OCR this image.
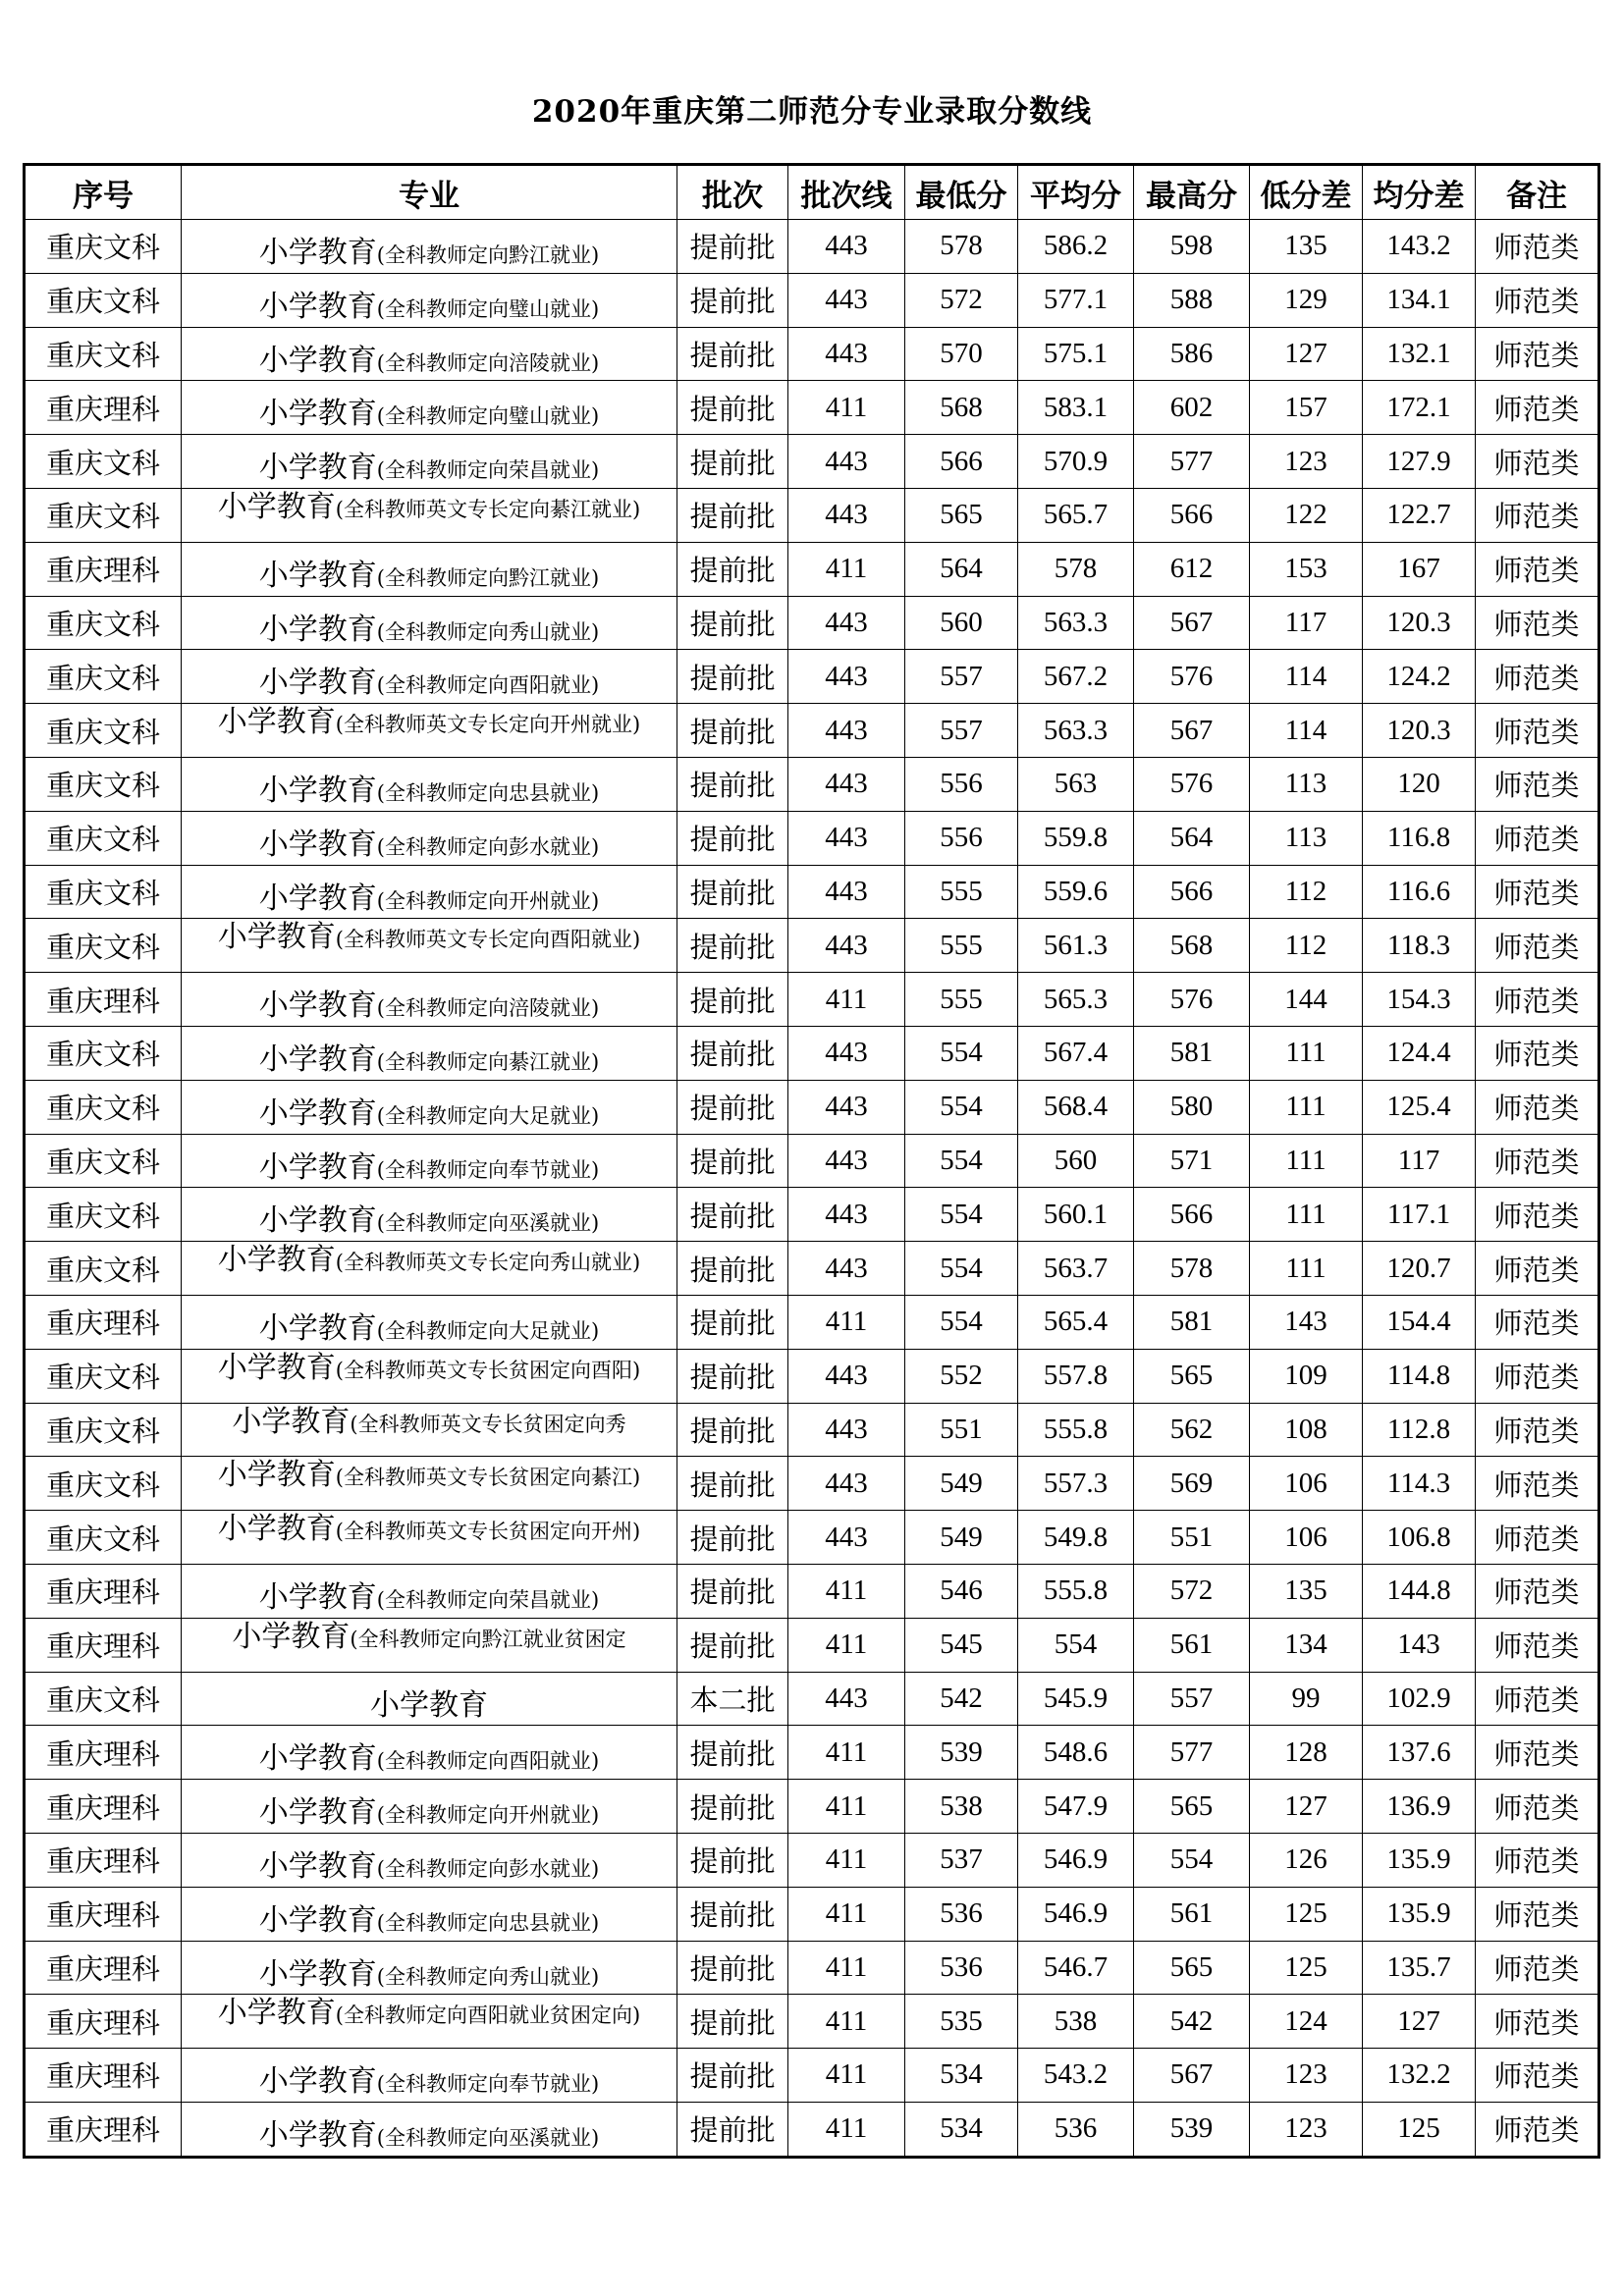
2020年重庆第二师范分专业录取分数线
序号	专业	批次	批次线	最低分	平均分	最高分	低分差	均分差	备注
重庆文科	小学教育(全科教师定向黔江就业)	提前批	443	578	586.2	598	135	143.2	师范类
重庆文科	小学教育(全科教师定向璧山就业)	提前批	443	572	577.1	588	129	134.1	师范类
重庆文科	小学教育(全科教师定向涪陵就业)	提前批	443	570	575.1	586	127	132.1	师范类
重庆理科	小学教育(全科教师定向璧山就业)	提前批	411	568	583.1	602	157	172.1	师范类
重庆文科	小学教育(全科教师定向荣昌就业)	提前批	443	566	570.9	577	123	127.9	师范类
重庆文科	小学教育(全科教师英文专长定向綦江就业)	提前批	443	565	565.7	566	122	122.7	师范类
重庆理科	小学教育(全科教师定向黔江就业)	提前批	411	564	578	612	153	167	师范类
重庆文科	小学教育(全科教师定向秀山就业)	提前批	443	560	563.3	567	117	120.3	师范类
重庆文科	小学教育(全科教师定向酉阳就业)	提前批	443	557	567.2	576	114	124.2	师范类
重庆文科	小学教育(全科教师英文专长定向开州就业)	提前批	443	557	563.3	567	114	120.3	师范类
重庆文科	小学教育(全科教师定向忠县就业)	提前批	443	556	563	576	113	120	师范类
重庆文科	小学教育(全科教师定向彭水就业)	提前批	443	556	559.8	564	113	116.8	师范类
重庆文科	小学教育(全科教师定向开州就业)	提前批	443	555	559.6	566	112	116.6	师范类
重庆文科	小学教育(全科教师英文专长定向酉阳就业)	提前批	443	555	561.3	568	112	118.3	师范类
重庆理科	小学教育(全科教师定向涪陵就业)	提前批	411	555	565.3	576	144	154.3	师范类
重庆文科	小学教育(全科教师定向綦江就业)	提前批	443	554	567.4	581	111	124.4	师范类
重庆文科	小学教育(全科教师定向大足就业)	提前批	443	554	568.4	580	111	125.4	师范类
重庆文科	小学教育(全科教师定向奉节就业)	提前批	443	554	560	571	111	117	师范类
重庆文科	小学教育(全科教师定向巫溪就业)	提前批	443	554	560.1	566	111	117.1	师范类
重庆文科	小学教育(全科教师英文专长定向秀山就业)	提前批	443	554	563.7	578	111	120.7	师范类
重庆理科	小学教育(全科教师定向大足就业)	提前批	411	554	565.4	581	143	154.4	师范类
重庆文科	小学教育(全科教师英文专长贫困定向酉阳)	提前批	443	552	557.8	565	109	114.8	师范类
重庆文科	小学教育(全科教师英文专长贫困定向秀	提前批	443	551	555.8	562	108	112.8	师范类
重庆文科	小学教育(全科教师英文专长贫困定向綦江)	提前批	443	549	557.3	569	106	114.3	师范类
重庆文科	小学教育(全科教师英文专长贫困定向开州)	提前批	443	549	549.8	551	106	106.8	师范类
重庆理科	小学教育(全科教师定向荣昌就业)	提前批	411	546	555.8	572	135	144.8	师范类
重庆理科	小学教育(全科教师定向黔江就业贫困定	提前批	411	545	554	561	134	143	师范类
重庆文科	小学教育	本二批	443	542	545.9	557	99	102.9	师范类
重庆理科	小学教育(全科教师定向酉阳就业)	提前批	411	539	548.6	577	128	137.6	师范类
重庆理科	小学教育(全科教师定向开州就业)	提前批	411	538	547.9	565	127	136.9	师范类
重庆理科	小学教育(全科教师定向彭水就业)	提前批	411	537	546.9	554	126	135.9	师范类
重庆理科	小学教育(全科教师定向忠县就业)	提前批	411	536	546.9	561	125	135.9	师范类
重庆理科	小学教育(全科教师定向秀山就业)	提前批	411	536	546.7	565	125	135.7	师范类
重庆理科	小学教育(全科教师定向酉阳就业贫困定向)	提前批	411	535	538	542	124	127	师范类
重庆理科	小学教育(全科教师定向奉节就业)	提前批	411	534	543.2	567	123	132.2	师范类
重庆理科	小学教育(全科教师定向巫溪就业)	提前批	411	534	536	539	123	125	师范类
